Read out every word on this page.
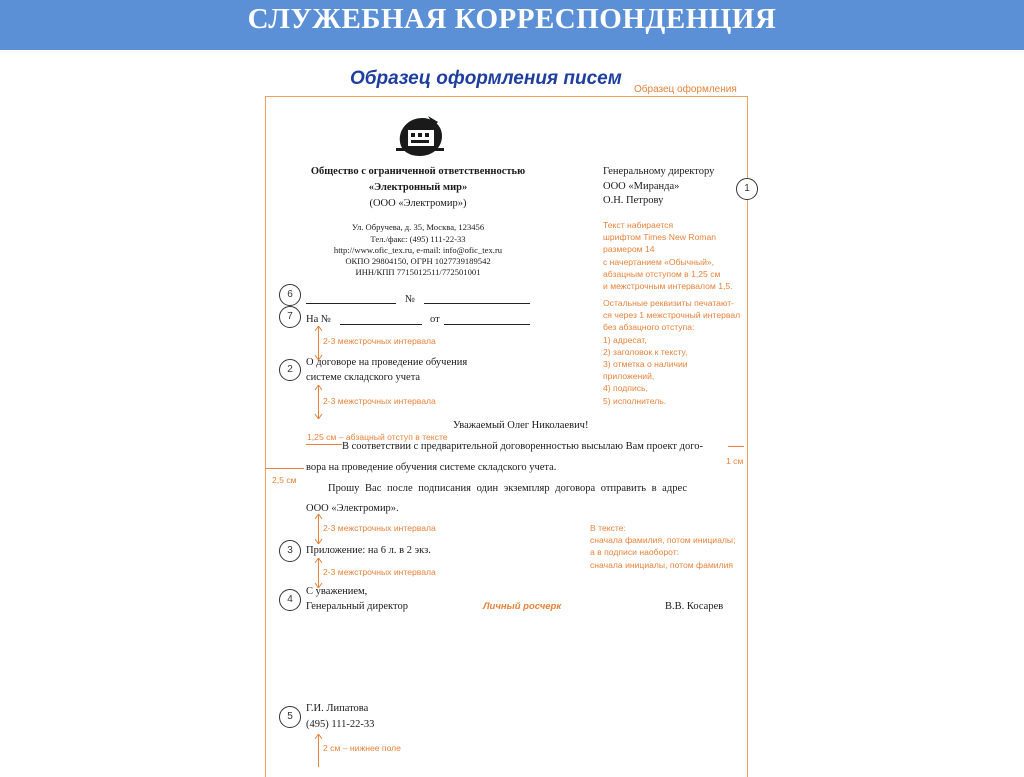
СЛУЖЕБНАЯ КОРРЕСПОНДЕНЦИЯ
Образец оформления писем
Образец оформления
Общество с ограниченной ответственностью
«Электронный мир»
(ООО «Электромир»)
Ул. Обручева, д. 35, Москва, 123456
Тел./факс: (495) 111-22-33
http://www.ofic_tex.ru, e-mail: info@ofic_tex.ru
ОКПО 29804150, ОГРН 1027739189542
ИНН/КПП 7715012511/772501001
Генеральному директору
ООО «Миранда»
О.Н. Петрову
Текст набирается
шрифтом Times New Roman
размером 14
с начертанием «Обычный»,
абзацным отступом в 1,25 см
и межстрочным интервалом 1,5.
Остальные реквизиты печатают-
ся через 1 межстрочный интервал
без абзацного отступа:
1) адресат,
2) заголовок к тексту,
3) отметка о наличии
приложений,
4) подпись,
5) исполнитель.
В тексте:
сначала фамилия, потом инициалы;
а в подписи наоборот:
сначала инициалы, потом фамилия
1
6
7
2
3
4
5
№
На №	от
2-3 межстрочных интервала
О договоре на проведение обучения
системе складского учета
2-3 межстрочных интервала
Уважаемый Олег Николаевич!
1,25 см – абзацный отступ в тексте
В соответствии с предварительной договоренностью высылаю Вам проект дого-
вора на проведение обучения системе складского учета.
1 см
2,5 см
Прошу Вас после подписания один экземпляр договора отправить в адрес
ООО «Электромир».
2-3 межстрочных интервала
Приложение: на 6 л. в 2 экз.
2-3 межстрочных интервала
С уважением,
Генеральный директор	Личный росчерк	В.В. Косарев
Г.И. Липатова
(495) 111-22-33
2 см – нижнее поле
